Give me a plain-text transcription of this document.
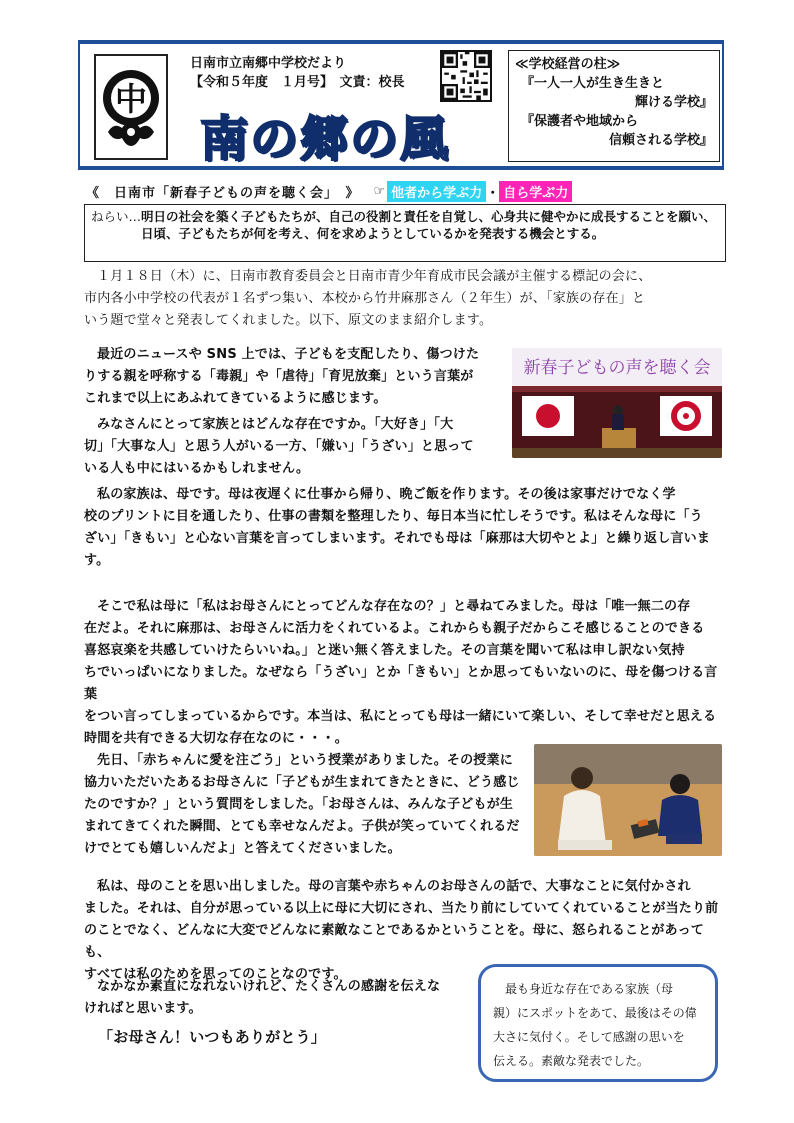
中
日南市立南郷中学校だより
【令和５年度　１月号】　文責：校長
南の郷の風
≪学校経営の柱≫
『一人一人が生き生きと
輝ける学校』
『保護者や地域から
信頼される学校』
《　日南市「新春子どもの声を聴く会」　》 ☞ 他者から学ぶ力 ・ 自ら学ぶ力
ねらい…明日の社会を築く子どもたちが、自己の役割と責任を自覚し、心身共に健やかに成長することを願い、日頃、子どもたちが何を考え、何を求めようとしているかを発表する機会とする。
１月１８日（木）に、日南市教育委員会と日南市青少年育成市民会議が主催する標記の会に、
市内各小中学校の代表が１名ずつ集い、本校から竹井麻那さん（２年生）が、「家族の存在」と
いう題で堂々と発表してくれました。以下、原文のまま紹介します。
新春子どもの声を聴く会
最近のニュースや SNS 上では、子どもを支配したり、傷つけた
りする親を呼称する「毒親」や「虐待」「育児放棄」という言葉が
これまで以上にあふれてきているように感じます。
みなさんにとって家族とはどんな存在ですか。「大好き」「大
切」「大事な人」と思う人がいる一方、「嫌い」「うざい」と思って
いる人も中にはいるかもしれません。
私の家族は、母です。母は夜遅くに仕事から帰り、晩ご飯を作ります。その後は家事だけでなく学
校のプリントに目を通したり、仕事の書類を整理したり、毎日本当に忙しそうです。私はそんな母に「う
ざい」「きもい」と心ない言葉を言ってしまいます。それでも母は「麻那は大切やとよ」と繰り返し言いま
す。
そこで私は母に「私はお母さんにとってどんな存在なの？」と尋ねてみました。母は「唯一無二の存
在だよ。それに麻那は、お母さんに活力をくれているよ。これからも親子だからこそ感じることのできる
喜怒哀楽を共感していけたらいいね。」と迷い無く答えました。その言葉を聞いて私は申し訳ない気持
ちでいっぱいになりました。なぜなら「うざい」とか「きもい」とか思ってもいないのに、母を傷つける言葉
をつい言ってしまっているからです。本当は、私にとっても母は一緒にいて楽しい、そして幸せだと思える
時間を共有できる大切な存在なのに・・・。
先日、「赤ちゃんに愛を注ごう」という授業がありました。その授業に
協力いただいたあるお母さんに「子どもが生まれてきたときに、どう感じ
たのですか？」という質問をしました。「お母さんは、みんな子どもが生
まれてきてくれた瞬間、とても幸せなんだよ。子供が笑っていてくれるだ
けでとても嬉しいんだよ」と答えてくださいました。
私は、母のことを思い出しました。母の言葉や赤ちゃんのお母さんの話で、大事なことに気付かされ
ました。それは、自分が思っている以上に母に大切にされ、当たり前にしていてくれていることが当たり前
のことでなく、どんなに大変でどんなに素敵なことであるかということを。母に、怒られることがあっても、
すべては私のためを思ってのことなのです。
なかなか素直になれないけれど、たくさんの感謝を伝えな
ければと思います。
「お母さん！いつもありがとう」
最も身近な存在である家族（母
親）にスポットをあて、最後はその偉
大さに気付く。そして感謝の思いを
伝える。素敵な発表でした。
